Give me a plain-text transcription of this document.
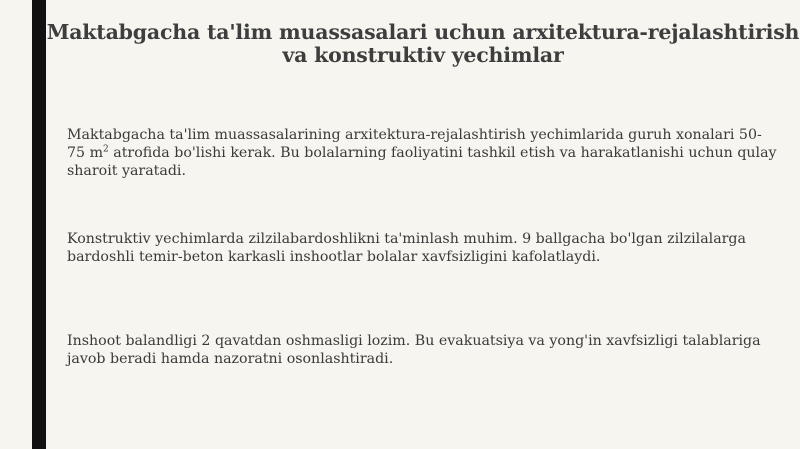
Maktabgacha ta'lim muassasalari uchun arxitektura-rejalashtirish va konstruktiv yechimlar

Maktabgacha ta'lim muassasalarining arxitektura-rejalashtirish yechimlarida guruh xonalari 50-75 $m^2$ atrofida bo'lishi kerak. Bu bolalarning faoliyatini tashkil etish va harakatlanishi uchun qulay sharoit yaratadi.

Konstruktiv yechimlarda zilzilabardoshlikni ta'minlash muhim. 9 ballgacha bo'lgan zilzilalarga bardoshli temir-beton karkasli inshootlar bolalar xavfsizligini kafolatlaydi.

Inshoot balandligi 2 qavatdan oshmasligi lozim. Bu evakuatsiya va yong'in xavfsizligi talablariga javob beradi hamda nazoratni osonlashtiradi.
